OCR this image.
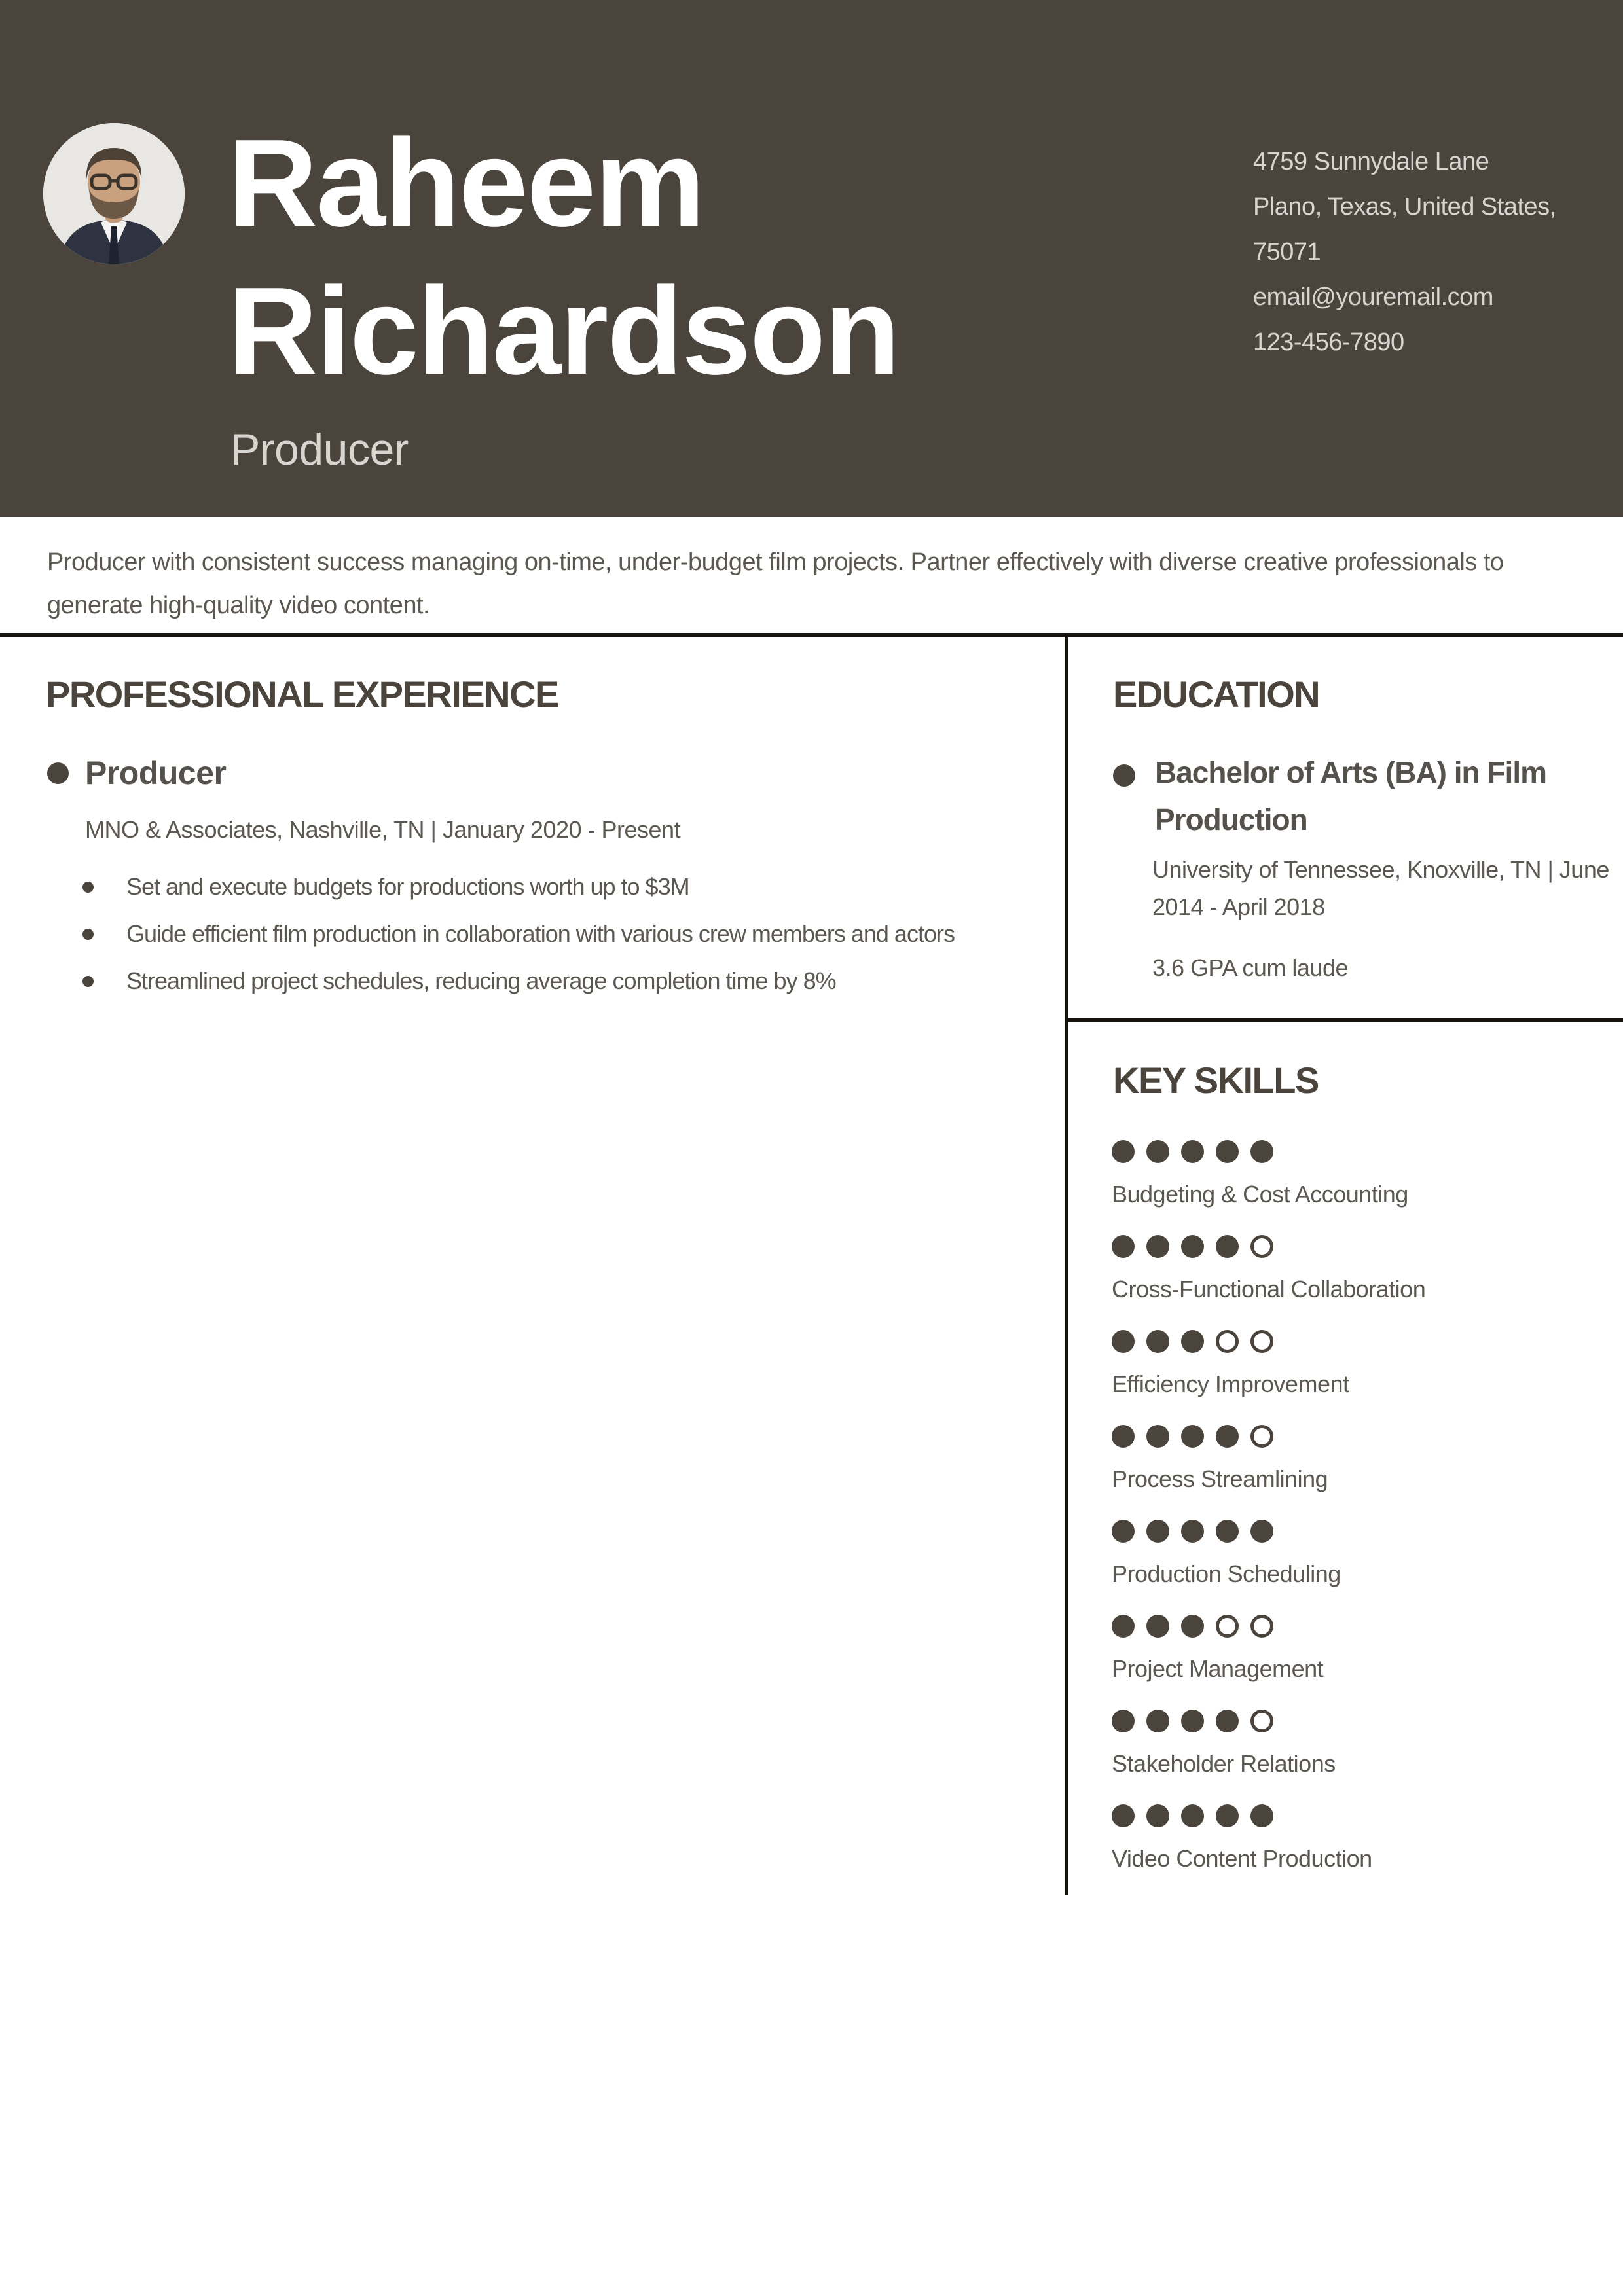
Raheem Richardson
Producer
4759 Sunnydale Lane
Plano, Texas, United States,
75071
email@youremail.com
123-456-7890
Producer with consistent success managing on-time, under-budget film projects. Partner effectively with diverse creative professionals to generate high-quality video content.
PROFESSIONAL EXPERIENCE
Producer
MNO & Associates, Nashville, TN | January 2020 - Present
Set and execute budgets for productions worth up to $3M
Guide efficient film production in collaboration with various crew members and actors
Streamlined project schedules, reducing average completion time by 8%
EDUCATION
Bachelor of Arts (BA) in Film Production
University of Tennessee, Knoxville, TN | June 2014 - April 2018
3.6 GPA cum laude
KEY SKILLS
Budgeting & Cost Accounting
Cross-Functional Collaboration
Efficiency Improvement
Process Streamlining
Production Scheduling
Project Management
Stakeholder Relations
Video Content Production
